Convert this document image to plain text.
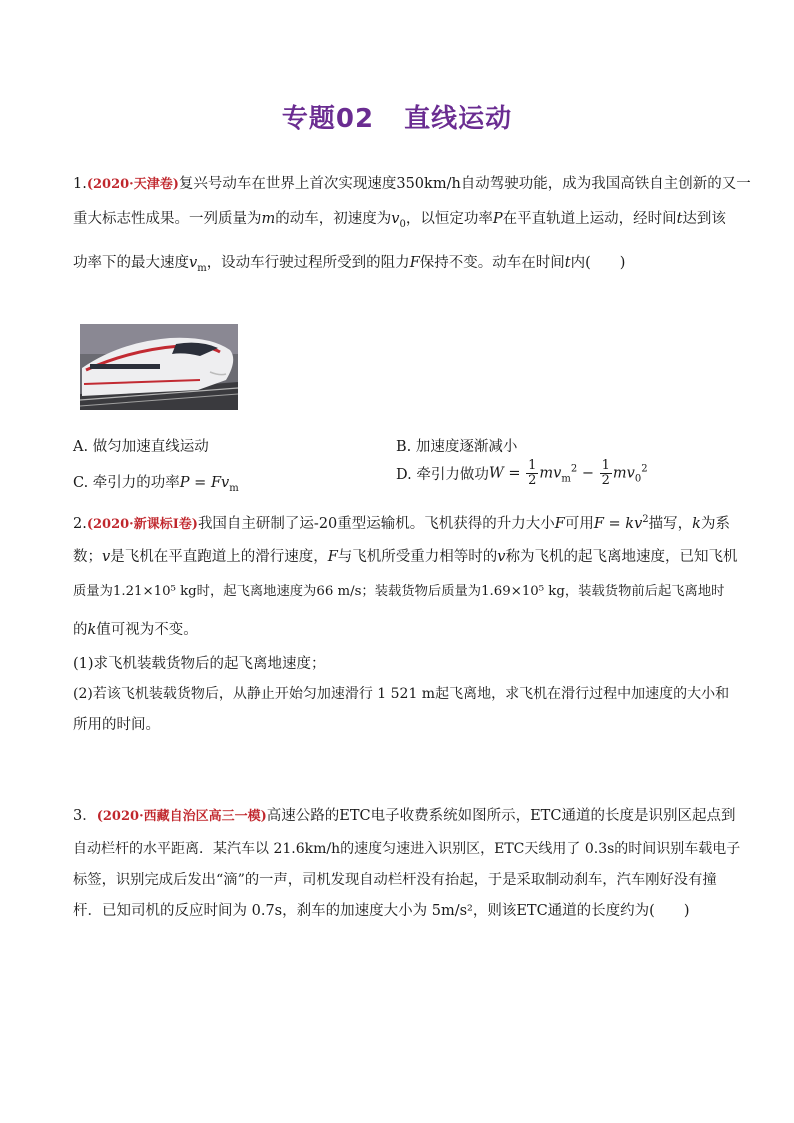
专题02 直线运动
1.(2020·天津卷)复兴号动车在世界上首次实现速度350km/h自动驾驶功能，成为我国高铁自主创新的又一
重大标志性成果。一列质量为m的动车，初速度为$v_0$，以恒定功率P在平直轨道上运动，经时间t达到该
功率下的最大速度$v_m$，设动车行驶过程所受到的阻力F保持不变。动车在时间t内(　　)
A. 做匀加速直线运动	B. 加速度逐渐减小
C. 牵引力的功率$P = Fv_m$
D. 牵引力做功$W = \frac{1}{2} mv_m^2 - \frac{1}{2} mv_0^2$
2.(2020·新课标Ⅰ卷)我国自主研制了运-20重型运输机。飞机获得的升力大小F可用$F = kv^2$描写，k为系
数；v是飞机在平直跑道上的滑行速度，F与飞机所受重力相等时的v称为飞机的起飞离地速度，已知飞机
质量为1.21×10⁵ kg时，起飞离地速度为66 m/s；装载货物后质量为1.69×10⁵ kg，装载货物前后起飞离地时
的k值可视为不变。
(1)求飞机装载货物后的起飞离地速度；
(2)若该飞机装载货物后，从静止开始匀加速滑行 1 521 m起飞离地，求飞机在滑行过程中加速度的大小和
所用的时间。
3．(2020·西藏自治区高三一模)高速公路的ETC电子收费系统如图所示，ETC通道的长度是识别区起点到
自动栏杆的水平距离．某汽车以 21.6km/h的速度匀速进入识别区，ETC天线用了 0.3s的时间识别车载电子
标签，识别完成后发出“滴”的一声，司机发现自动栏杆没有抬起，于是采取制动刹车，汽车刚好没有撞
杆．已知司机的反应时间为 0.7s，刹车的加速度大小为 5m/s²，则该ETC通道的长度约为(　　)
